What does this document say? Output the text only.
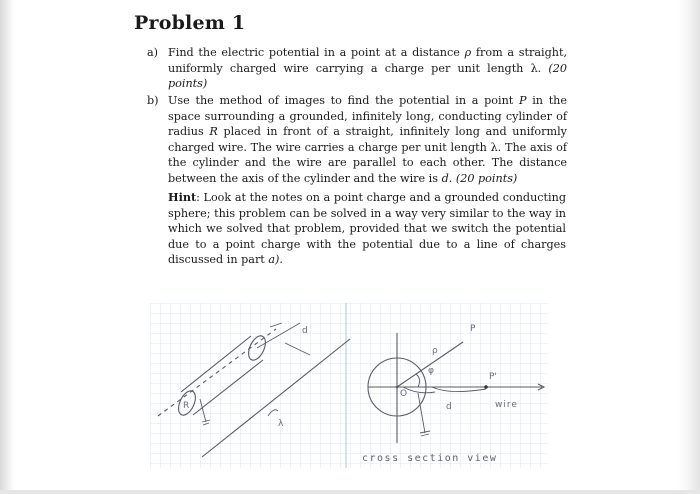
Problem 1
a) Find the electric potential in a point at a distance ρ from a straight, uniformly charged wire carrying a charge per unit length λ. (20 points)
b) Use the method of images to find the potential in a point P in the space surrounding a grounded, infinitely long, conducting cylinder of radius R placed in front of a straight, infinitely long and uniformly charged wire. The wire carries a charge per unit length λ. The axis of the cylinder and the wire are parallel to each other. The distance between the axis of the cylinder and the wire is d. (20 points)
Hint: Look at the notes on a point charge and a grounded conducting sphere; this problem can be solved in a way very similar to the way in which we solved that problem, provided that we switch the potential due to a point charge with the potential due to a line of charges discussed in part a).
d
R
λ
P
ρ
φ
O
P'
d	wire
cross section view
